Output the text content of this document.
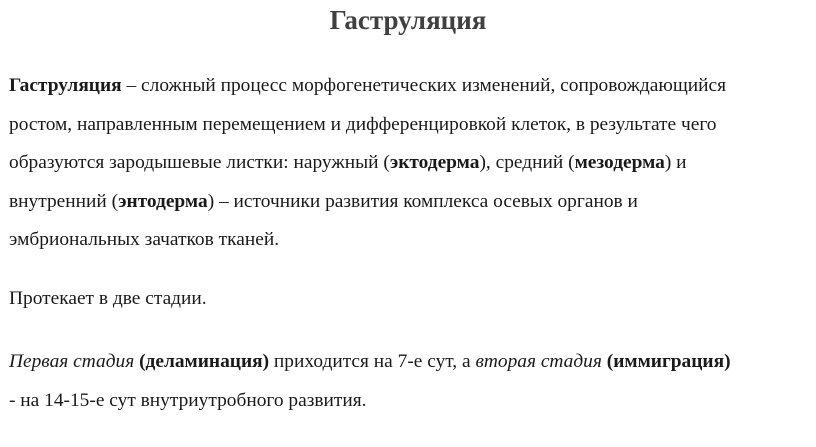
Гаструляция
Гаструляция – сложный процесс морфогенетических изменений, сопровождающийся
ростом, направленным перемещением и дифференцировкой клеток, в результате чего
образуются зародышевые листки: наружный (эктодерма), средний (мезодерма) и
внутренний (энтодерма) – источники развития комплекса осевых органов и
эмбриональных зачатков тканей.
Протекает в две стадии.
Первая стадия (деламинация) приходится на 7-е сут, а вторая стадия (иммиграция)
- на 14-15-е сут внутриутробного развития.
